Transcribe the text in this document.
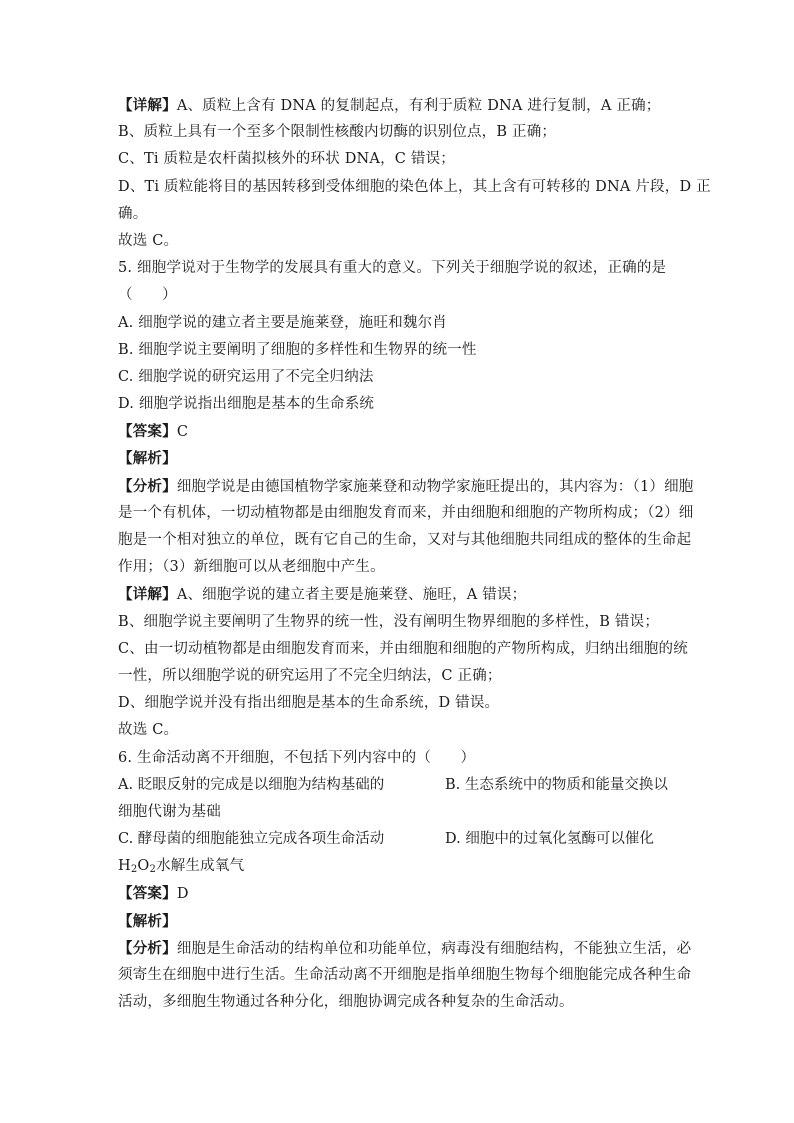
【详解】A、质粒上含有 DNA 的复制起点，有利于质粒 DNA 进行复制，A 正确；
B、质粒上具有一个至多个限制性核酸内切酶的识别位点，B 正确；
C、Ti 质粒是农杆菌拟核外的环状 DNA，C 错误；
D、Ti 质粒能将目的基因转移到受体细胞的染色体上，其上含有可转移的 DNA 片段，D 正
确。
故选 C。
5. 细胞学说对于生物学的发展具有重大的意义。下列关于细胞学说的叙述，正确的是
（　　）
A. 细胞学说的建立者主要是施莱登，施旺和魏尔肖
B. 细胞学说主要阐明了细胞的多样性和生物界的统一性
C. 细胞学说的研究运用了不完全归纳法
D. 细胞学说指出细胞是基本的生命系统
【答案】C
【解析】
【分析】细胞学说是由德国植物学家施莱登和动物学家施旺提出的，其内容为：（1）细胞
是一个有机体，一切动植物都是由细胞发育而来，并由细胞和细胞的产物所构成；（2）细
胞是一个相对独立的单位，既有它自己的生命，又对与其他细胞共同组成的整体的生命起
作用；（3）新细胞可以从老细胞中产生。
【详解】A、细胞学说的建立者主要是施莱登、施旺，A 错误；
B、细胞学说主要阐明了生物界的统一性，没有阐明生物界细胞的多样性，B 错误；
C、由一切动植物都是由细胞发育而来，并由细胞和细胞的产物所构成，归纳出细胞的统
一性，所以细胞学说的研究运用了不完全归纳法，C 正确；
D、细胞学说并没有指出细胞是基本的生命系统，D 错误。
故选 C。
6. 生命活动离不开细胞，不包括下列内容中的（　　）
A. 眨眼反射的完成是以细胞为结构基础的	B. 生态系统中的物质和能量交换以
细胞代谢为基础
C. 酵母菌的细胞能独立完成各项生命活动	D. 细胞中的过氧化氢酶可以催化
$H_2O_2$水解生成氧气
【答案】D
【解析】
【分析】细胞是生命活动的结构单位和功能单位，病毒没有细胞结构，不能独立生活，必
须寄生在细胞中进行生活。生命活动离不开细胞是指单细胞生物每个细胞能完成各种生命
活动，多细胞生物通过各种分化，细胞协调完成各种复杂的生命活动。
